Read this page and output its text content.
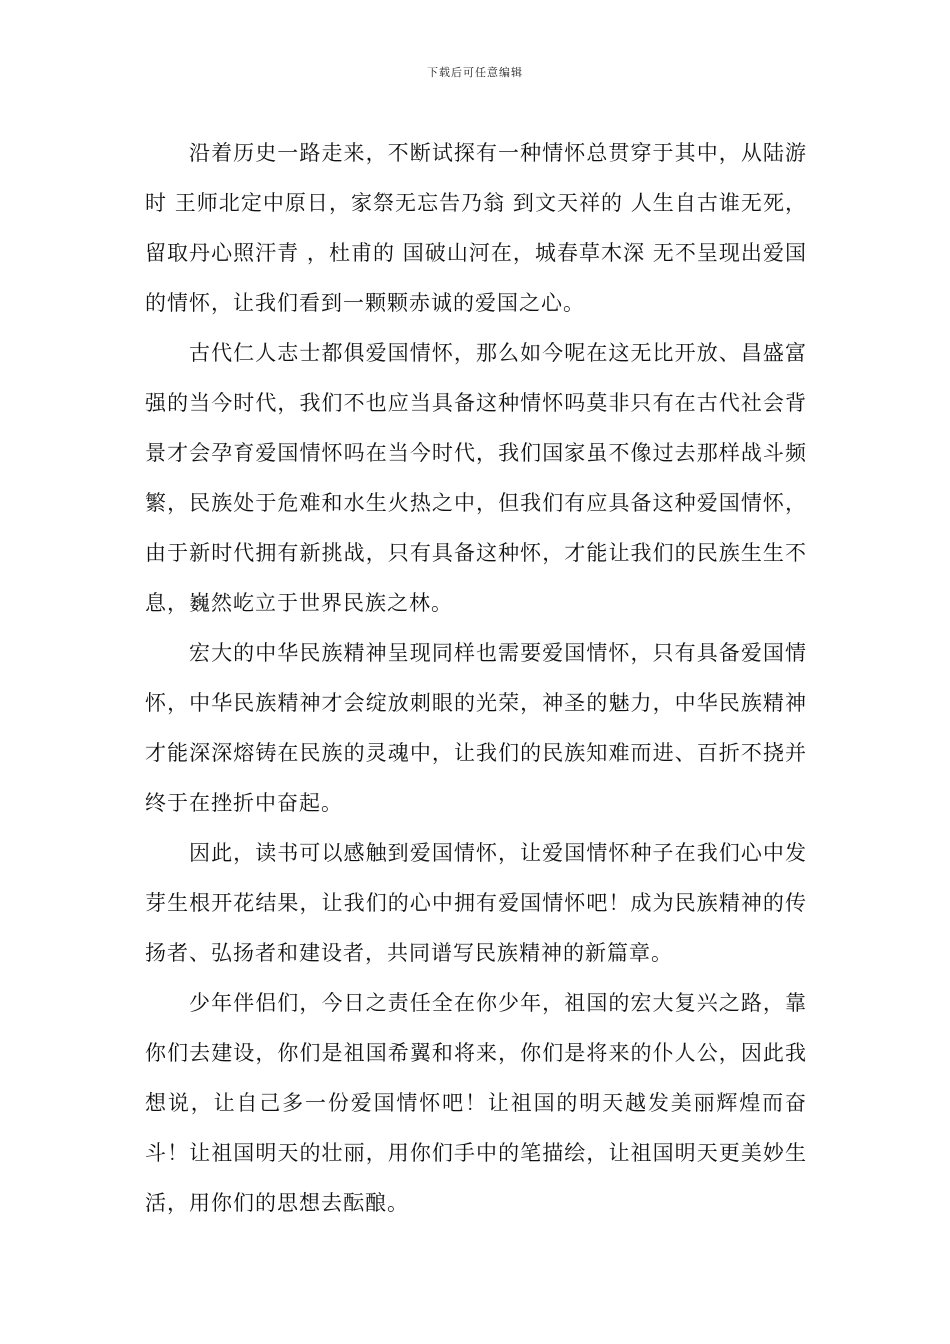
下载后可任意编辑

沿着历史一路走来，不断试探有一种情怀总贯穿于其中，从陆游时 王师北定中原日，家祭无忘告乃翁 到文天祥的 人生自古谁无死，留取丹心照汗青 ，杜甫的 国破山河在，城春草木深 无不呈现出爱国的情怀，让我们看到一颗颗赤诚的爱国之心。

古代仁人志士都俱爱国情怀，那么如今呢在这无比开放、昌盛富强的当今时代，我们不也应当具备这种情怀吗莫非只有在古代社会背景才会孕育爱国情怀吗在当今时代，我们国家虽不像过去那样战斗频繁，民族处于危难和水生火热之中，但我们有应具备这种爱国情怀，由于新时代拥有新挑战，只有具备这种怀，才能让我们的民族生生不息，巍然屹立于世界民族之林。

宏大的中华民族精神呈现同样也需要爱国情怀，只有具备爱国情怀，中华民族精神才会绽放刺眼的光荣，神圣的魅力，中华民族精神才能深深熔铸在民族的灵魂中，让我们的民族知难而进、百折不挠并终于在挫折中奋起。

因此，读书可以感触到爱国情怀，让爱国情怀种子在我们心中发芽生根开花结果，让我们的心中拥有爱国情怀吧！成为民族精神的传扬者、弘扬者和建设者，共同谱写民族精神的新篇章。

少年伴侣们，今日之责任全在你少年，祖国的宏大复兴之路，靠你们去建设，你们是祖国希翼和将来，你们是将来的仆人公，因此我想说，让自己多一份爱国情怀吧！让祖国的明天越发美丽辉煌而奋斗！让祖国明天的壮丽，用你们手中的笔描绘，让祖国明天更美妙生活，用你们的思想去酝酿。
